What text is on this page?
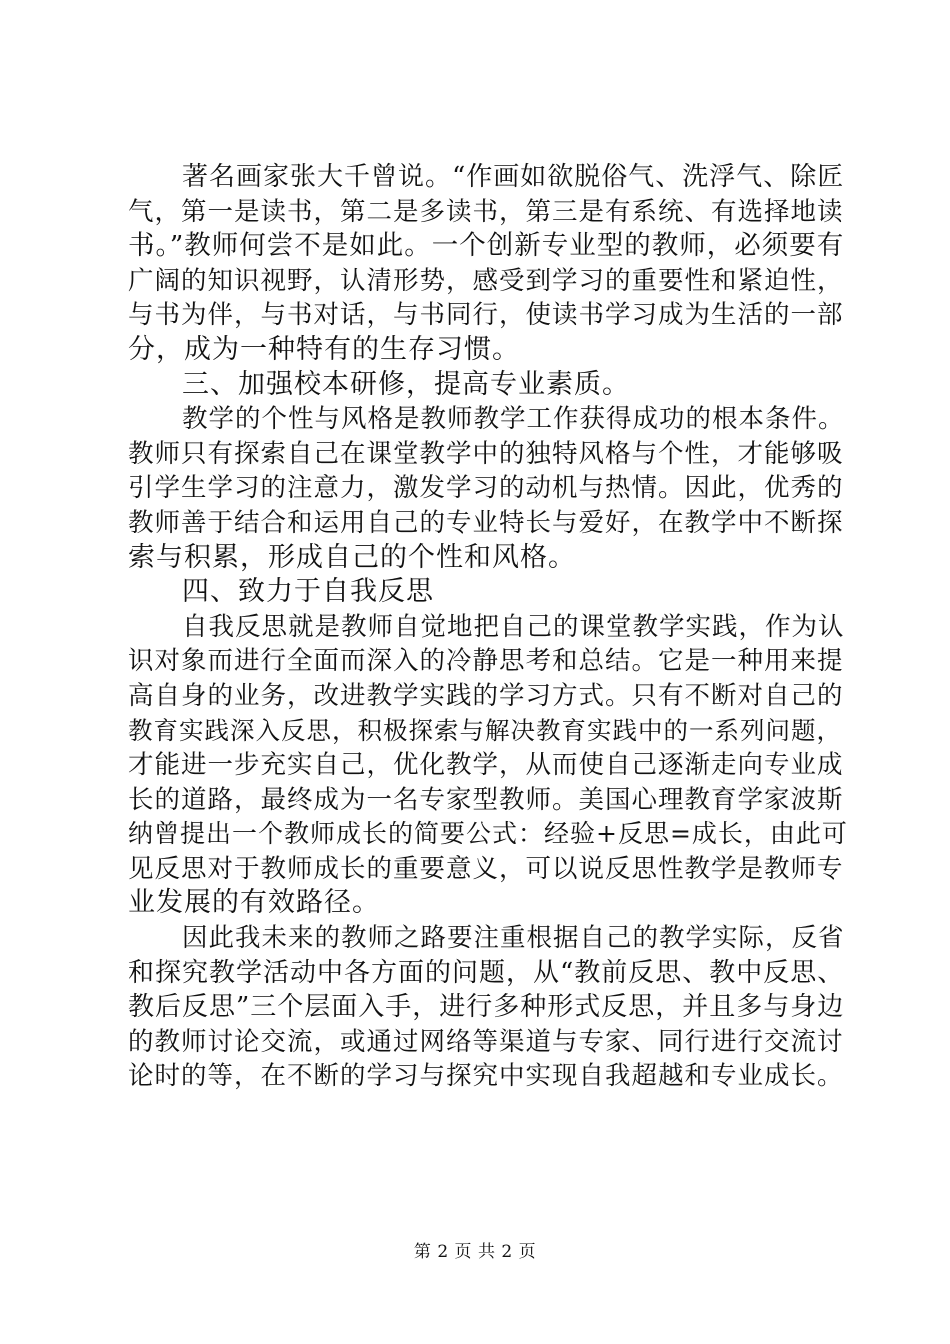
著名画家张大千曾说。“作画如欲脱俗气、洗浮气、除匠
气，第一是读书，第二是多读书，第三是有系统、有选择地读
书。”教师何尝不是如此。一个创新专业型的教师，必须要有
广阔的知识视野，认清形势，感受到学习的重要性和紧迫性，
与书为伴，与书对话，与书同行，使读书学习成为生活的一部
分，成为一种特有的生存习惯。
三、加强校本研修，提高专业素质。
教学的个性与风格是教师教学工作获得成功的根本条件。
教师只有探索自己在课堂教学中的独特风格与个性，才能够吸
引学生学习的注意力，激发学习的动机与热情。因此，优秀的
教师善于结合和运用自己的专业特长与爱好，在教学中不断探
索与积累，形成自己的个性和风格。
四、致力于自我反思
自我反思就是教师自觉地把自己的课堂教学实践，作为认
识对象而进行全面而深入的冷静思考和总结。它是一种用来提
高自身的业务，改进教学实践的学习方式。只有不断对自己的
教育实践深入反思，积极探索与解决教育实践中的一系列问题，
才能进一步充实自己，优化教学，从而使自己逐渐走向专业成
长的道路，最终成为一名专家型教师。美国心理教育学家波斯
纳曾提出一个教师成长的简要公式：经验+反思=成长，由此可
见反思对于教师成长的重要意义，可以说反思性教学是教师专
业发展的有效路径。
因此我未来的教师之路要注重根据自己的教学实际，反省
和探究教学活动中各方面的问题，从“教前反思、教中反思、
教后反思”三个层面入手，进行多种形式反思，并且多与身边
的教师讨论交流，或通过网络等渠道与专家、同行进行交流讨
论时的等，在不断的学习与探究中实现自我超越和专业成长。
第 2 页 共 2 页
